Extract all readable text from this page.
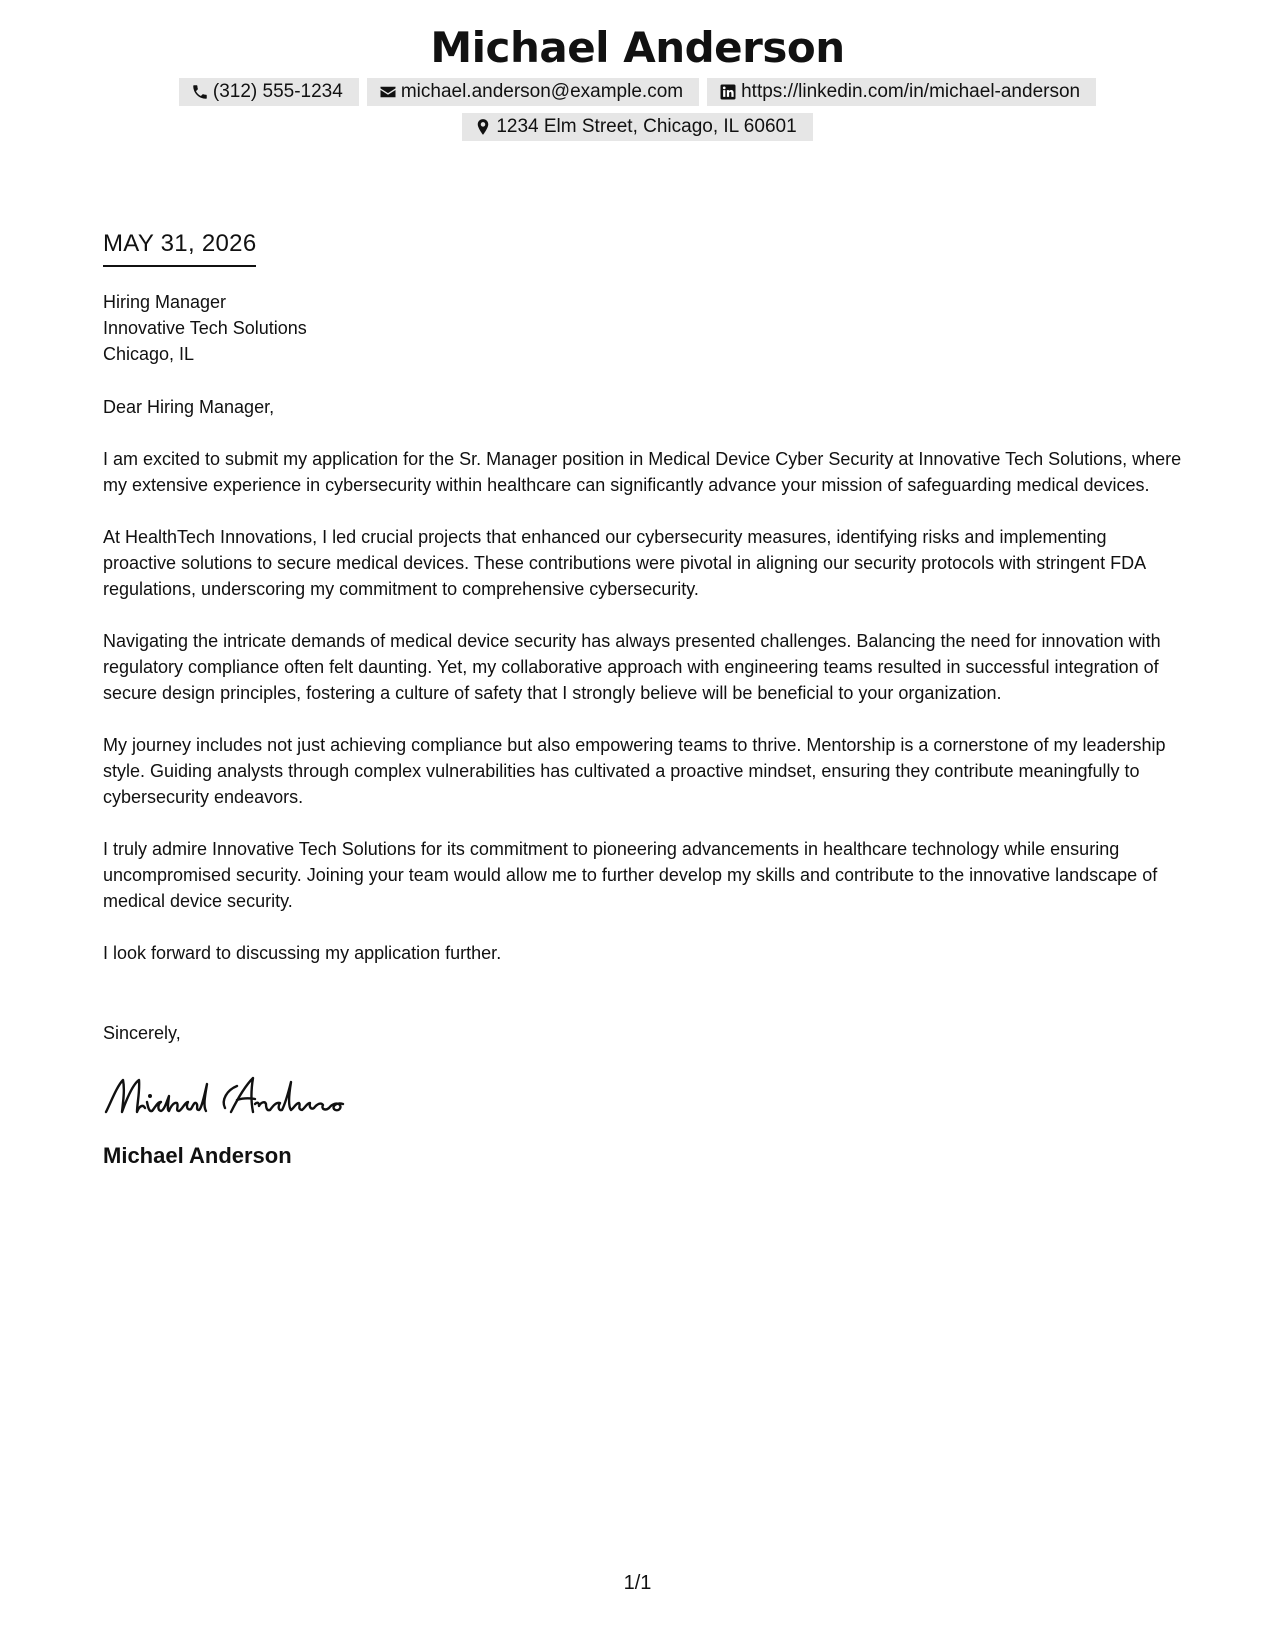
Michael Anderson
(312) 555-1234	michael.anderson@example.com	https://linkedin.com/in/michael-anderson
1234 Elm Street, Chicago, IL 60601
MAY 31, 2026
Hiring Manager
Innovative Tech Solutions
Chicago, IL
Dear Hiring Manager,

I am excited to submit my application for the Sr. Manager position in Medical Device Cyber Security at Innovative Tech Solutions, where my extensive experience in cybersecurity within healthcare can significantly advance your mission of safeguarding medical devices.

At HealthTech Innovations, I led crucial projects that enhanced our cybersecurity measures, identifying risks and implementing proactive solutions to secure medical devices. These contributions were pivotal in aligning our security protocols with stringent FDA regulations, underscoring my commitment to comprehensive cybersecurity.

Navigating the intricate demands of medical device security has always presented challenges. Balancing the need for innovation with regulatory compliance often felt daunting. Yet, my collaborative approach with engineering teams resulted in successful integration of secure design principles, fostering a culture of safety that I strongly believe will be beneficial to your organization.

My journey includes not just achieving compliance but also empowering teams to thrive. Mentorship is a cornerstone of my leadership style. Guiding analysts through complex vulnerabilities has cultivated a proactive mindset, ensuring they contribute meaningfully to cybersecurity endeavors.

I truly admire Innovative Tech Solutions for its commitment to pioneering advancements in healthcare technology while ensuring uncompromised security. Joining your team would allow me to further develop my skills and contribute to the innovative landscape of medical device security.

I look forward to discussing my application further.

Sincerely,
Michael Anderson
1/1
